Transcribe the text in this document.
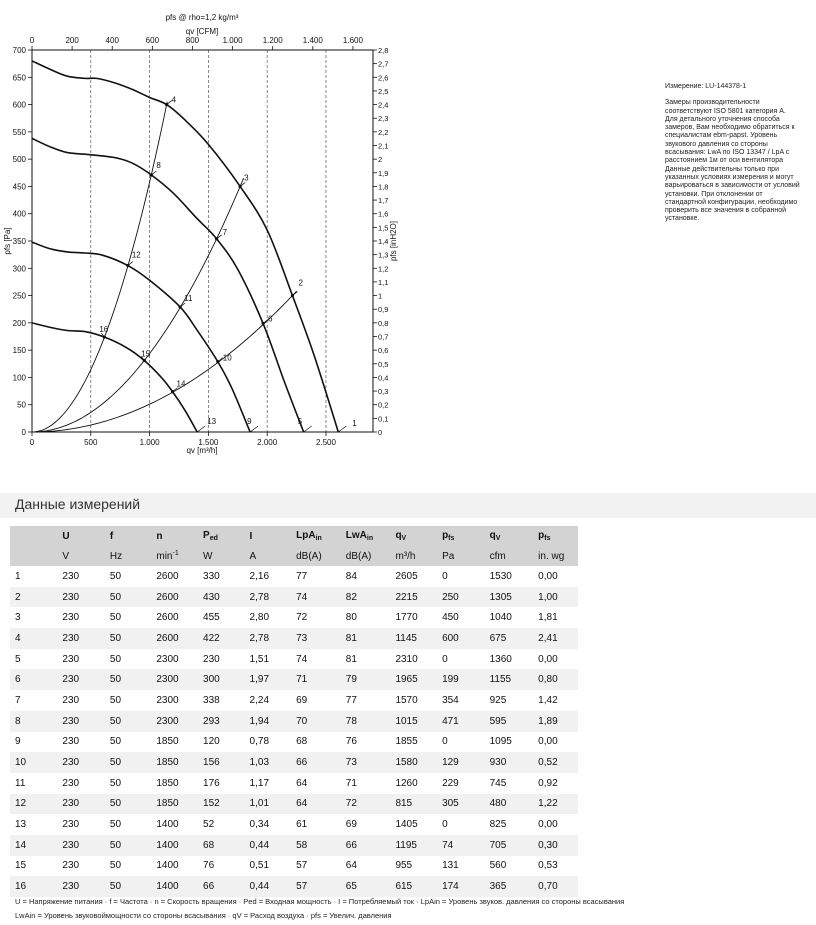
0
50
100
150
200
250
300
350
400
450
500
550
600
650
700
0
0,1
0,2
0,3
0,4
0,5
0,6
0,7
0,8
0,9
1
1,1
1,2
1,3
1,4
1,5
1,6
1,7
1,8
1,9
2
2,1
2,2
2,3
2,4
2,5
2,6
2,7
2,8
0	500	1.000	1.500	2.000	2.500
0	200	400	600	800	1.000	1.200	1.400	1.600
pfs @ rho=1,2 kg/m³
qv [CFM]
qv [m³/h]
pfs [Pa]	pfs [inH2O]
1
2
3
4
5
6
7
8
9
10
11
12
13
14
15
16

Измерение: LU-144378-1

Замеры производительности соответствуют ISO 5801 категория A. Для детального уточнения способа замеров, Вам необходимо обратиться к специалистам ebm-papst. Уровень звукового давления со стороны всасывания: LwA по ISO 13347 / LpA с расстоянием 1м от оси вентилятора Данные действительны только при указанных условиях измерения и могут варьироваться в зависимости от условий установки. При отклонении от стандартной конфигурации, необходимо проверить все значения в собранной установке.

Данные измерений
	U	f	n	$P_{ed}$	I	LpA$_{in}$	LwA$_{in}$	$q_V$	$p_{fs}$	$q_V$	$p_{fs}$
	V	Hz	$\min^{-1}$	W	A	dB(A)	dB(A)	m³/h	Pa	cfm	in. wg
1	230	50	2600	330	2,16	77	84	2605	0	1530	0,00
2	230	50	2600	430	2,78	74	82	2215	250	1305	1,00
3	230	50	2600	455	2,80	72	80	1770	450	1040	1,81
4	230	50	2600	422	2,78	73	81	1145	600	675	2,41
5	230	50	2300	230	1,51	74	81	2310	0	1360	0,00
6	230	50	2300	300	1,97	71	79	1965	199	1155	0,80
7	230	50	2300	338	2,24	69	77	1570	354	925	1,42
8	230	50	2300	293	1,94	70	78	1015	471	595	1,89
9	230	50	1850	120	0,78	68	76	1855	0	1095	0,00
10	230	50	1850	156	1,03	66	73	1580	129	930	0,52
11	230	50	1850	176	1,17	64	71	1260	229	745	0,92
12	230	50	1850	152	1,01	64	72	815	305	480	1,22
13	230	50	1400	52	0,34	61	69	1405	0	825	0,00
14	230	50	1400	68	0,44	58	66	1195	74	705	0,30
15	230	50	1400	76	0,51	57	64	955	131	560	0,53
16	230	50	1400	66	0,44	57	65	615	174	365	0,70
U = Напряжение питания · f = Частота · n = Скорость вращения · Ped = Входная мощность · I = Потребляемый ток · LpAin = Уровень звуков. давления со стороны всасывания
LwAin = Уровень звуковоймощности со стороны всасывания · qV = Расход воздуха · pfs = Увелич. давления
